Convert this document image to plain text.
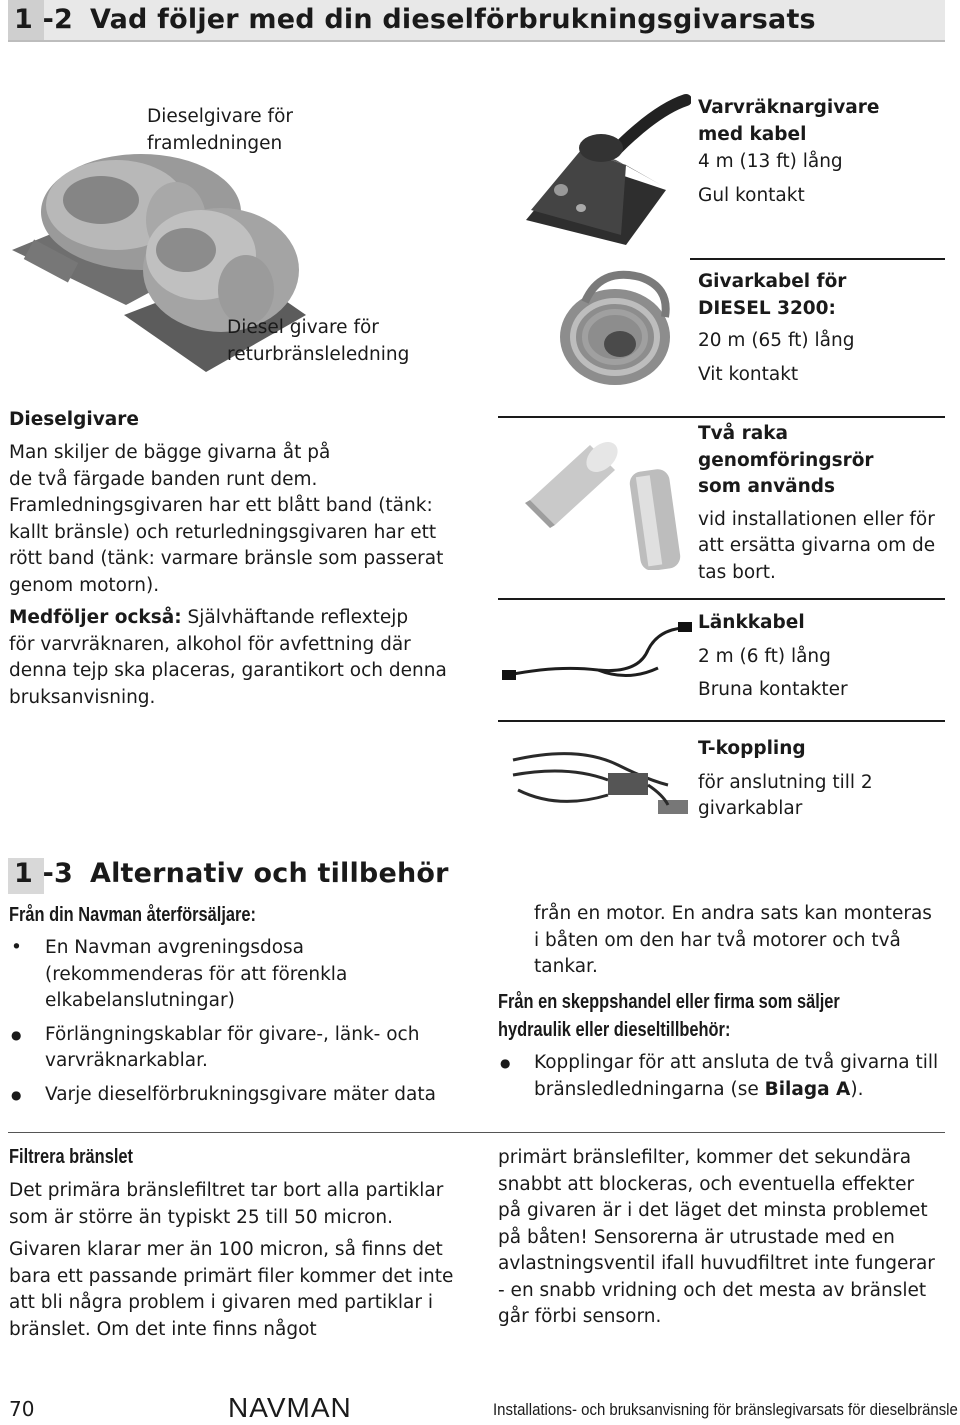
1 -2 Vad följer med din dieselförbrukningsgivarsats
Dieselgivare för
framledningen
Diesel givare för
returbränsleledning
Dieselgivare
Man skiljer de bägge givarna åt på
de två färgade banden runt dem.
Framledningsgivaren har ett blått band (tänk:
kallt bränsle) och returledningsgivaren har ett
rött band (tänk: varmare bränsle som passerat
genom motorn).
Medföljer också: Självhäftande reflextejp
för varvräknaren, alkohol för avfettning där
denna tejp ska placeras, garantikort och denna
bruksanvisning.
Varvräknargivare
med kabel
4 m (13 ft) lång
Gul kontakt
Givarkabel för
DIESEL 3200:
20 m (65 ft) lång
Vit kontakt
Två raka genomföringsrör
som används
vid installationen eller för
att ersätta givarna om de
tas bort.
Länkkabel
2 m (6 ft) lång
Bruna kontakter
T-koppling
för anslutning till 2
givarkablar
1 -3 Alternativ och tillbehör
Från din Navman återförsäljare:
• En Navman avgreningsdosa
(rekommenderas för att förenkla
elkabelanslutningar)
● Förlängningskablar för givare-, länk- och
varvräknarkablar.
● Varje dieselförbrukningsgivare mäter data
från en motor. En andra sats kan monteras
i båten om den har två motorer och två
tankar.
Från en skeppshandel eller firma som säljer
hydraulik eller dieseltillbehör:
● Kopplingar för att ansluta de två givarna till
bränsledledningarna (se Bilaga A).
Filtrera bränslet
Det primära bränslefiltret tar bort alla partiklar
som är större än typiskt 25 till 50 micron.
Givaren klarar mer än 100 micron, så finns det
bara ett passande primärt filer kommer det inte
att bli några problem i givaren med partiklar i
bränslet. Om det inte finns något
primärt bränslefilter, kommer det sekundära
snabbt att blockeras, och eventuella effekter
på givaren är i det läget det minsta problemet
på båten! Sensorerna är utrustade med en
avlastningsventil ifall huvudfiltret inte fungerar
- en snabb vridning och det mesta av bränslet
går förbi sensorn.
70	NAVMAN	Installations- och bruksanvisning för bränslegivarsats för dieselbränsle
